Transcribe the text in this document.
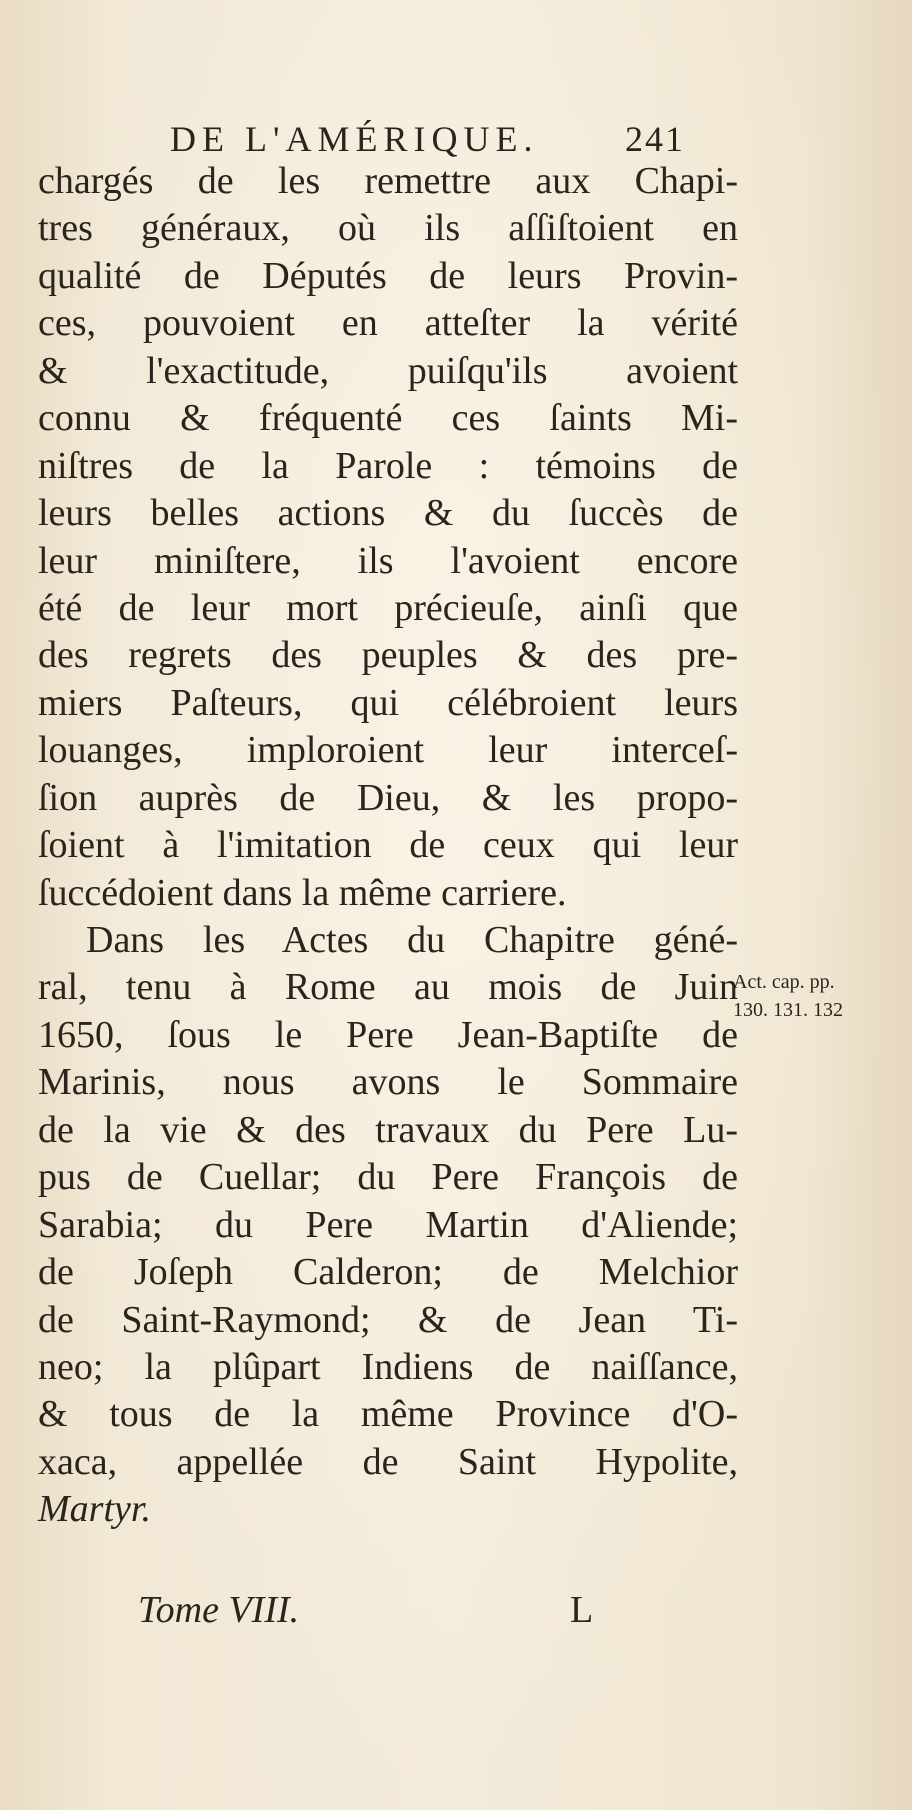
DE L'AMÉRIQUE. 241
chargés de les remettre aux Chapi-
tres généraux, où ils aſſiſtoient en
qualité de Députés de leurs Provin-
ces, pouvoient en atteſter la vérité
& l'exactitude, puiſqu'ils avoient
connu & fréquenté ces ſaints Mi-
niſtres de la Parole : témoins de
leurs belles actions & du ſuccès de
leur miniſtere, ils l'avoient encore
été de leur mort précieuſe, ainſi que
des regrets des peuples & des pre-
miers Paſteurs, qui célébroient leurs
louanges, imploroient leur interceſ-
ſion auprès de Dieu, & les propo-
ſoient à l'imitation de ceux qui leur
ſuccédoient dans la même carriere.
Dans les Actes du Chapitre géné-
ral, tenu à Rome au mois de Juin
1650, ſous le Pere Jean-Baptiſte de
Marinis, nous avons le Sommaire
de la vie & des travaux du Pere Lu-
pus de Cuellar; du Pere François de
Sarabia; du Pere Martin d'Aliende;
de Joſeph Calderon; de Melchior
de Saint-Raymond; & de Jean Ti-
neo; la plûpart Indiens de naiſſance,
& tous de la même Province d'O-
xaca, appellée de Saint Hypolite,
Martyr.
Act. cap. pp.
130. 131. 132
Tome VIII.	L
